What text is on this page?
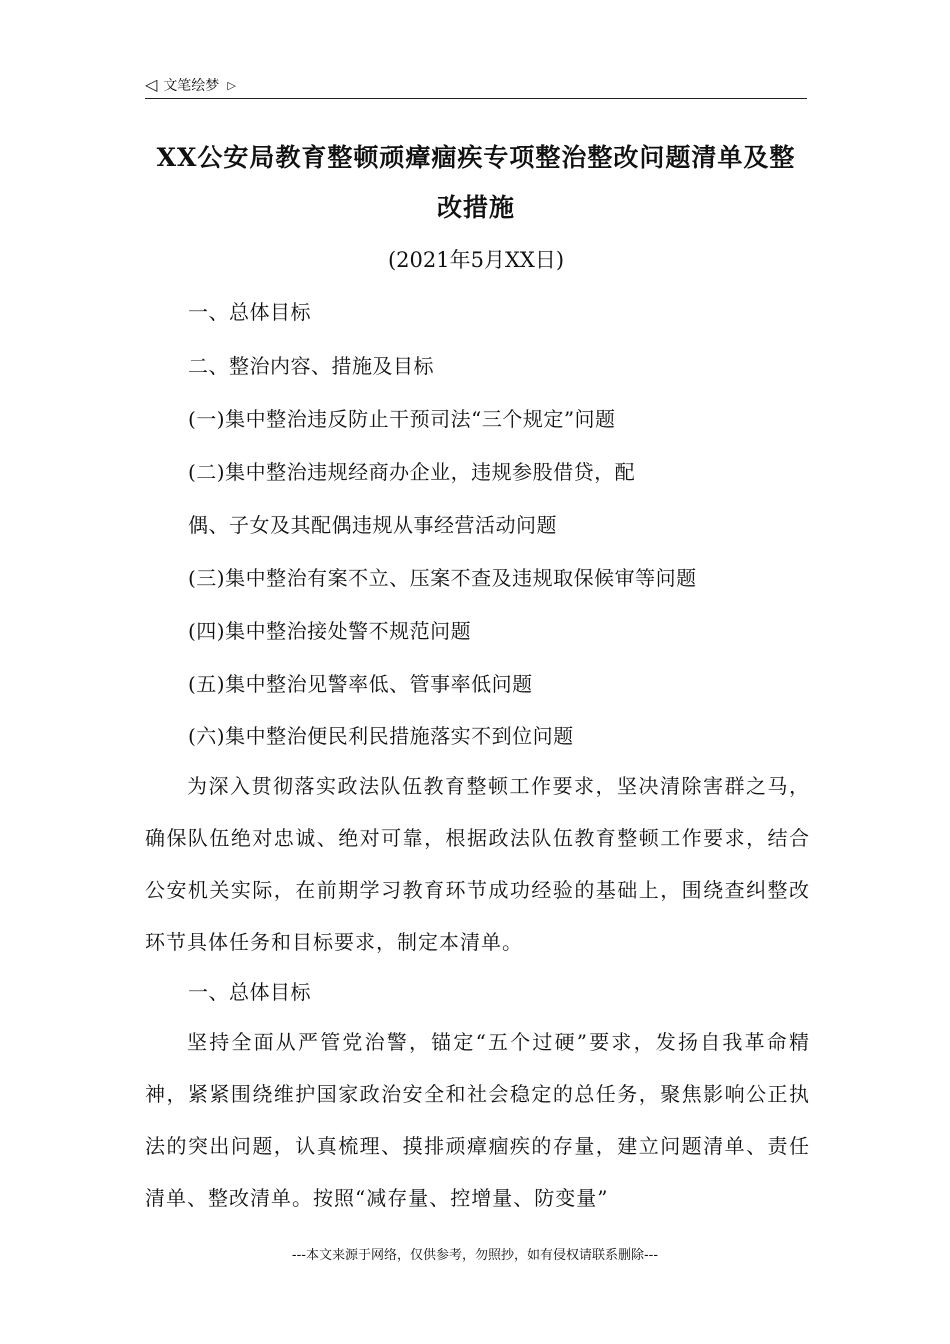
◁ 文笔绘梦 ▷
XX公安局教育整顿顽瘴痼疾专项整治整改问题清单及整
改措施
(2021年5月XX日)
一、总体目标
二、整治内容、措施及目标
(一)集中整治违反防止干预司法“三个规定”问题
(二)集中整治违规经商办企业，违规参股借贷，配
偶、子女及其配偶违规从事经营活动问题
(三)集中整治有案不立、压案不查及违规取保候审等问题
(四)集中整治接处警不规范问题
(五)集中整治见警率低、管事率低问题
(六)集中整治便民利民措施落实不到位问题
为深入贯彻落实政法队伍教育整顿工作要求，坚决清除害群之马，确保队伍绝对忠诚、绝对可靠，根据政法队伍教育整顿工作要求，结合公安机关实际，在前期学习教育环节成功经验的基础上，围绕查纠整改环节具体任务和目标要求，制定本清单。
一、总体目标
坚持全面从严管党治警，锚定“五个过硬”要求，发扬自我革命精神，紧紧围绕维护国家政治安全和社会稳定的总任务，聚焦影响公正执法的突出问题，认真梳理、摸排顽瘴痼疾的存量，建立问题清单、责任清单、整改清单。按照“减存量、控增量、防变量”
---本文来源于网络，仅供参考，勿照抄，如有侵权请联系删除---
